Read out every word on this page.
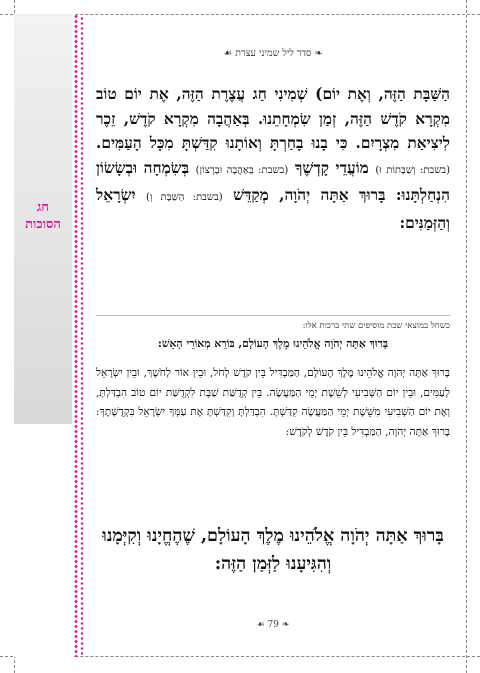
חג
הסוכות
❧ סדר ליל שמיני עצרת ☙
הַשַּׁבָּת הַזֶּה, וְאֶת יוֹם) שְׁמִינִי חַג עֲצֶרֶת הַזֶּה, אֶת יוֹם טוֹב מִקְרָא קֹדֶשׁ הַזֶּה, זְמַן שִׂמְחָתֵנוּ. בְּאַהֲבָה מִקְרָא קֹדֶשׁ, זֵכֶר לִיצִיאַת מִצְרָיִם. כִּי בָנוּ בָחַרְתָּ וְאוֹתָנוּ קִדַּשְׁתָּ מִכָּל הָעַמִּים. (בשבת: וְשַׁבָּתוֹת וּ) מוֹעֲדֵי קָדְשֶׁךָ (בשבת: בְּאַהֲבָה וּבְרָצוֹן) בְּשִׂמְחָה וּבְשָׂשׂוֹן הִנְחַלְתָּנוּ: בָּרוּךְ אַתָּה יְהֹוָה, מְקַדֵּשׁ (בשבת: הַשַּׁבָּת וְ) יִשְׂרָאֵל וְהַזְּמַנִּים:
כשחל במוצאי שבת מוסיפים שתי ברכות אלו:
בָּרוּךְ אַתָּה יְהֹוָה אֱלֹהֵינוּ מֶלֶךְ הָעוֹלָם, בּוֹרֵא מְאוֹרֵי הָאֵשׁ:
בָּרוּךְ אַתָּה יְהֹוָה אֱלֹהֵינוּ מֶלֶךְ הָעוֹלָם, הַמַּבְדִּיל בֵּין קֹדֶשׁ לְחֹל, וּבֵין אוֹר לְחֹשֶׁךְ, וּבֵין יִשְׂרָאֵל לָעַמִּים, וּבֵין יוֹם הַשְּׁבִיעִי לְשֵׁשֶׁת יְמֵי הַמַּעֲשֶׂה. בֵּין קְדֻשַּׁת שַׁבָּת לִקְדֻשַּׁת יוֹם טוֹב הִבְדַּלְתָּ, וְאֶת יוֹם הַשְּׁבִיעִי מִשֵּׁשֶׁת יְמֵי הַמַּעֲשֶׂה קִדַּשְׁתָּ. הִבְדַּלְתָּ וְקִדַּשְׁתָּ אֶת עַמְּךָ יִשְׂרָאֵל בִּקְדֻשָּׁתֶךָ: בָּרוּךְ אַתָּה יְהֹוָה, הַמַּבְדִּיל בֵּין קֹדֶשׁ לְקֹדֶשׁ:
בָּרוּךְ אַתָּה יְהֹוָה אֱלֹהֵינוּ מֶלֶךְ הָעוֹלָם, שֶׁהֶחֱיָנוּ וְקִיְּמָנוּ וְהִגִּיעָנוּ לַזְּמַן הַזֶּה:
❧ 79 ☙
